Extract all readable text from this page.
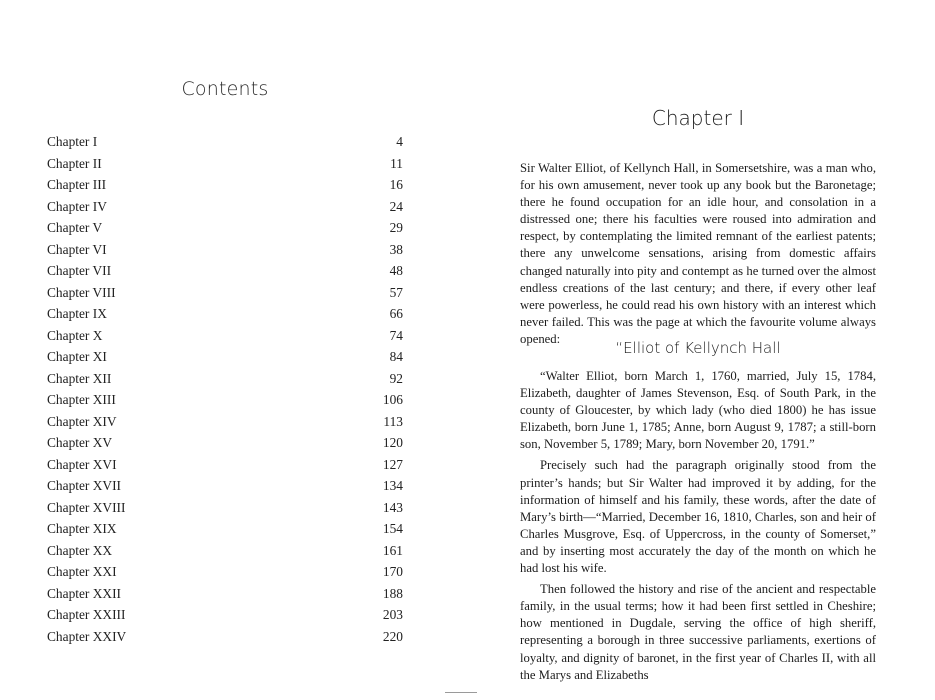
Contents
Chapter I	4
Chapter II	11
Chapter III	16
Chapter IV	24
Chapter V	29
Chapter VI	38
Chapter VII	48
Chapter VIII	57
Chapter IX	66
Chapter X	74
Chapter XI	84
Chapter XII	92
Chapter XIII	106
Chapter XIV	113
Chapter XV	120
Chapter XVI	127
Chapter XVII	134
Chapter XVIII	143
Chapter XIX	154
Chapter XX	161
Chapter XXI	170
Chapter XXII	188
Chapter XXIII	203
Chapter XXIV	220
Chapter I

Sir Walter Elliot, of Kellynch Hall, in Somersetshire, was a man who, for his own amusement, never took up any book but the Baronetage; there he found occupation for an idle hour, and consolation in a distressed one; there his faculties were roused into admiration and respect, by contemplating the limited remnant of the earliest patents; there any unwelcome sensations, arising from domestic affairs changed naturally into pity and contempt as he turned over the almost endless creations of the last century; and there, if every other leaf were powerless, he could read his own history with an interest which never failed. This was the page at which the favourite volume always opened:

“Elliot of Kellynch Hall

“Walter Elliot, born March 1, 1760, married, July 15, 1784, Elizabeth, daughter of James Stevenson, Esq. of South Park, in the county of Gloucester, by which lady (who died 1800) he has issue Elizabeth, born June 1, 1785; Anne, born August 9, 1787; a still-born son, November 5, 1789; Mary, born November 20, 1791.”

Precisely such had the paragraph originally stood from the printer’s hands; but Sir Walter had improved it by adding, for the information of himself and his family, these words, after the date of Mary’s birth—“Married, December 16, 1810, Charles, son and heir of Charles Musgrove, Esq. of Uppercross, in the county of Somerset,” and by inserting most accurately the day of the month on which he had lost his wife.

Then followed the history and rise of the ancient and respectable family, in the usual terms; how it had been first settled in Cheshire; how mentioned in Dugdale, serving the office of high sheriff, representing a borough in three successive parliaments, exertions of loyalty, and dignity of baronet, in the first year of Charles II, with all the Marys and Elizabeths
